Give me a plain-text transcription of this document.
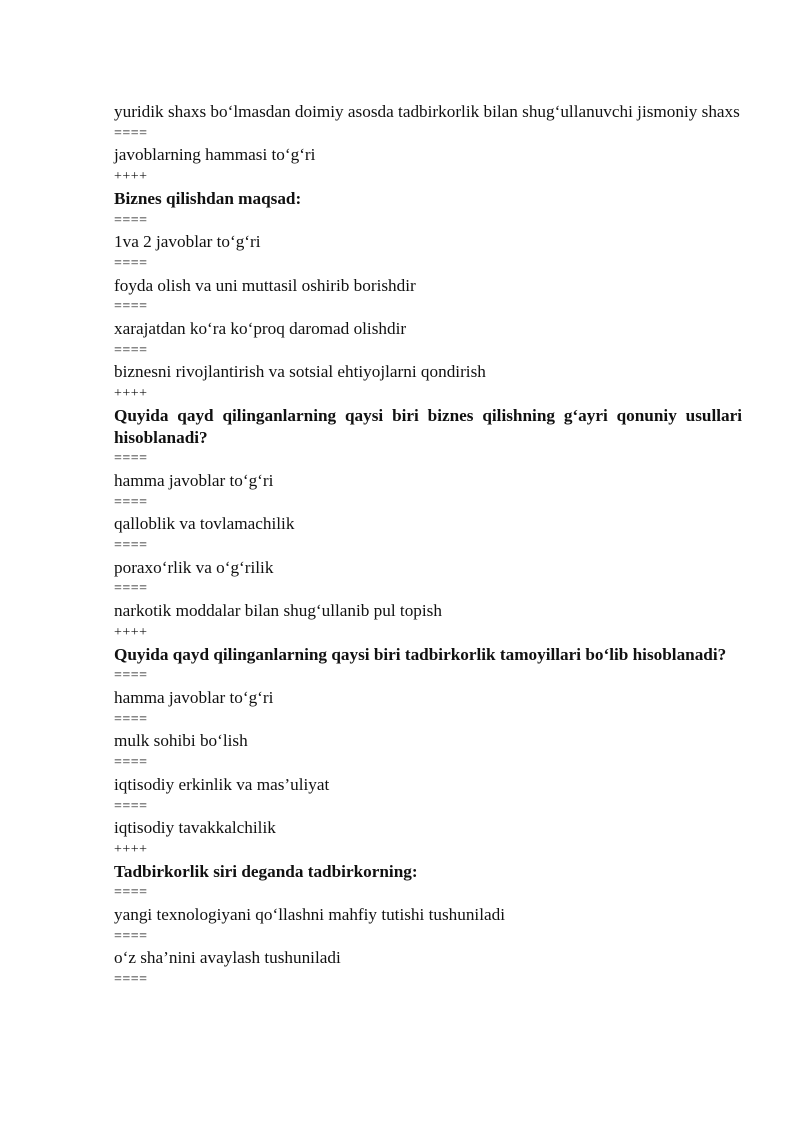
yuridik shaxs boʻlmasdan doimiy asosda tadbirkorlik bilan shugʻullanuvchi jismoniy shaxs

====

javoblarning hammasi toʻgʻri

++++

Biznes qilishdan maqsad:

====

1va 2 javoblar toʻgʻri

====

foyda olish va uni muttasil oshirib borishdir

====

xarajatdan koʻra koʻproq daromad olishdir

====

biznesni rivojlantirish va sotsial ehtiyojlarni qondirish

++++

Quyida qayd qilinganlarning qaysi biri biznes qilishning gʻayri qonuniy usullari hisoblanadi?

====

hamma javoblar toʻgʻri

====

qalloblik va tovlamachilik

====

poraxoʻrlik va oʻgʻrilik

====

narkotik moddalar bilan shugʻullanib pul topish

++++

Quyida qayd qilinganlarning qaysi biri tadbirkorlik tamoyillari boʻlib hisoblanadi?

====

hamma javoblar toʻgʻri

====

mulk sohibi boʻlish

====

iqtisodiy erkinlik va mas’uliyat

====

iqtisodiy tavakkalchilik

++++

Tadbirkorlik siri deganda tadbirkorning:

====

yangi texnologiyani qoʻllashni mahfiy tutishi tushuniladi

====

oʻz sha’nini avaylash tushuniladi

====
